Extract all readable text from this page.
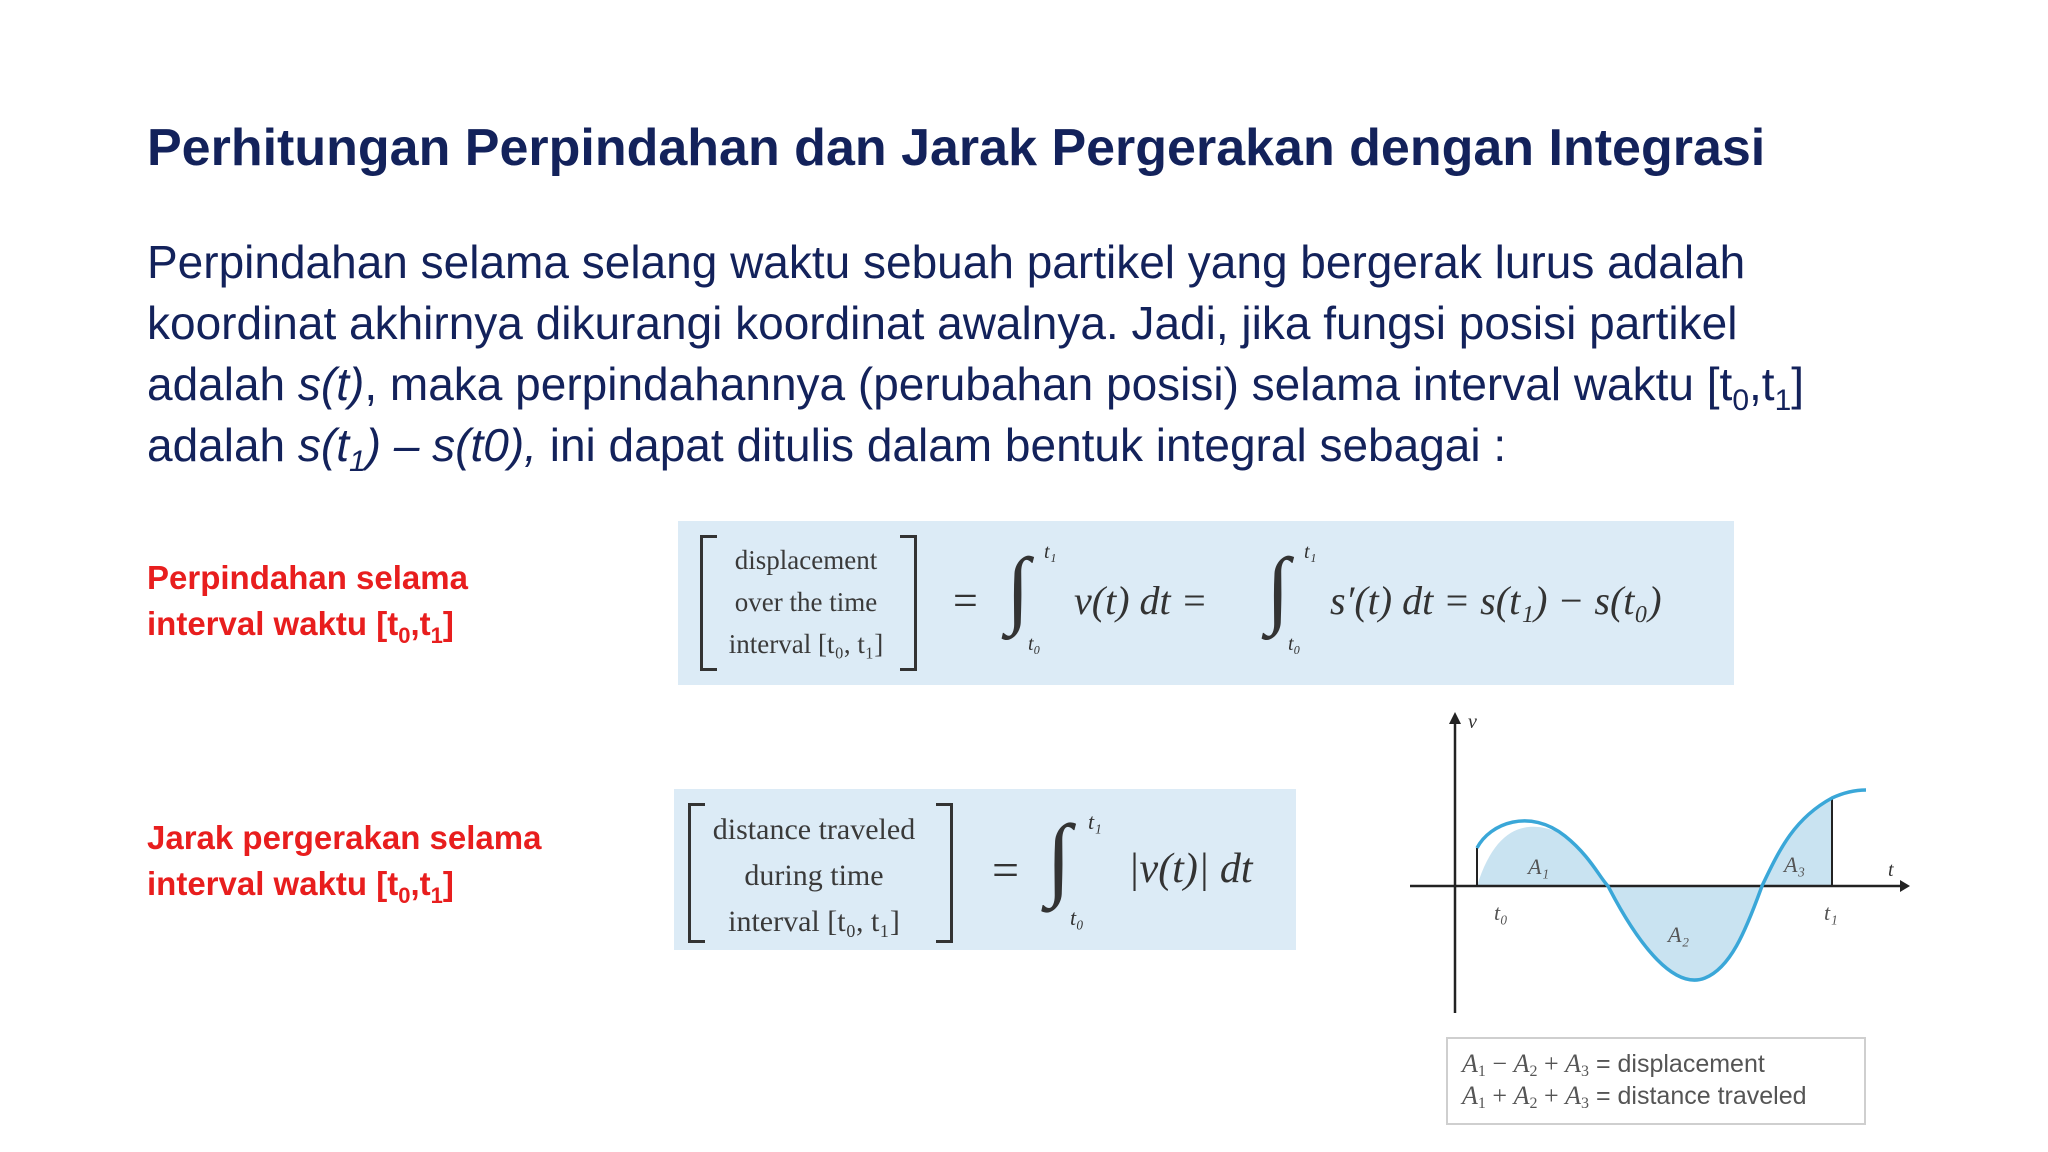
Perhitungan Perpindahan dan Jarak Pergerakan dengan Integrasi
Perpindahan selama selang waktu sebuah partikel yang bergerak lurus adalah
koordinat akhirnya dikurangi koordinat awalnya. Jadi, jika fungsi posisi partikel
adalah s(t), maka perpindahannya (perubahan posisi) selama interval waktu $[t_0,t_1]$
adalah $s(t_1) - s(t0)$, ini dapat ditulis dalam bentuk integral sebagai :
Perpindahan selama
interval waktu $[t_0,t_1]$
Jarak pergerakan selama
interval waktu $[t_0,t_1]$
displacement
over the time
interval [t₀, t₁]
= ∫ t₁
t₀
v(t) dt = ∫ t₁
t₀
s′(t) dt = s(t₁) − s(t₀)
distance traveled
during time
interval [t₀, t₁]
= ∫ t₁
t₀
|v(t)| dt
v
t
t₀	t₁
A₁
A₂
A₃
$A_1 - A_2 + A_3$ = displacement
$A_1 + A_2 + A_3$ = distance traveled
